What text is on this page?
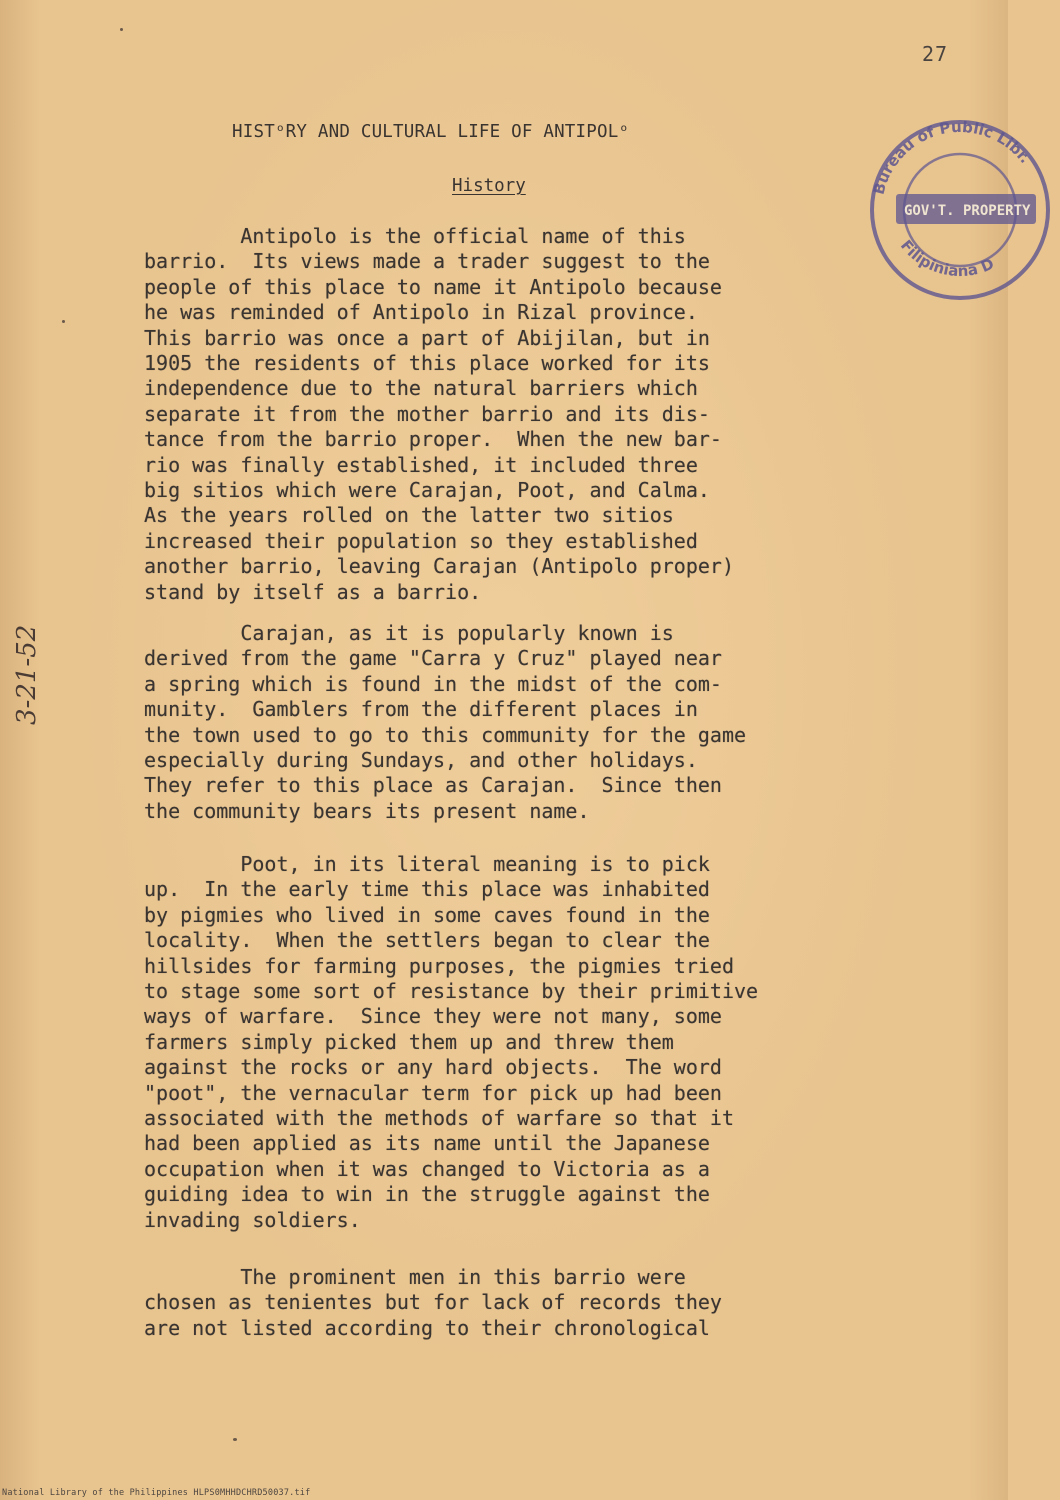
27
Bureau of Public Libr.
GOV'T. PROPERTY
Filipiniana D
HISTᵒRY AND CULTURAL LIFE OF ANTIPOLᵒ
History
Antipolo is the official name of this
barrio.  Its views made a trader suggest to the
people of this place to name it Antipolo because
he was reminded of Antipolo in Rizal province.
This barrio was once a part of Abijilan, but in
1905 the residents of this place worked for its
independence due to the natural barriers which
separate it from the mother barrio and its dis-
tance from the barrio proper.  When the new bar-
rio was finally established, it included three
big sitios which were Carajan, Poot, and Calma.
As the years rolled on the latter two sitios
increased their population so they established
another barrio, leaving Carajan (Antipolo proper)
stand by itself as a barrio.
Carajan, as it is popularly known is
derived from the game "Carra y Cruz" played near
a spring which is found in the midst of the com-
munity.  Gamblers from the different places in
the town used to go to this community for the game
especially during Sundays, and other holidays.
They refer to this place as Carajan.  Since then
the community bears its present name.
Poot, in its literal meaning is to pick
up.  In the early time this place was inhabited
by pigmies who lived in some caves found in the
locality.  When the settlers began to clear the
hillsides for farming purposes, the pigmies tried
to stage some sort of resistance by their primitive
ways of warfare.  Since they were not many, some
farmers simply picked them up and threw them
against the rocks or any hard objects.  The word
"poot", the vernacular term for pick up had been
associated with the methods of warfare so that it
had been applied as its name until the Japanese
occupation when it was changed to Victoria as a
guiding idea to win in the struggle against the
invading soldiers.
The prominent men in this barrio were
chosen as tenientes but for lack of records they
are not listed according to their chronological
3-21-52
National Library of the Philippines HLPS0MHHDCHRD50037.tif
